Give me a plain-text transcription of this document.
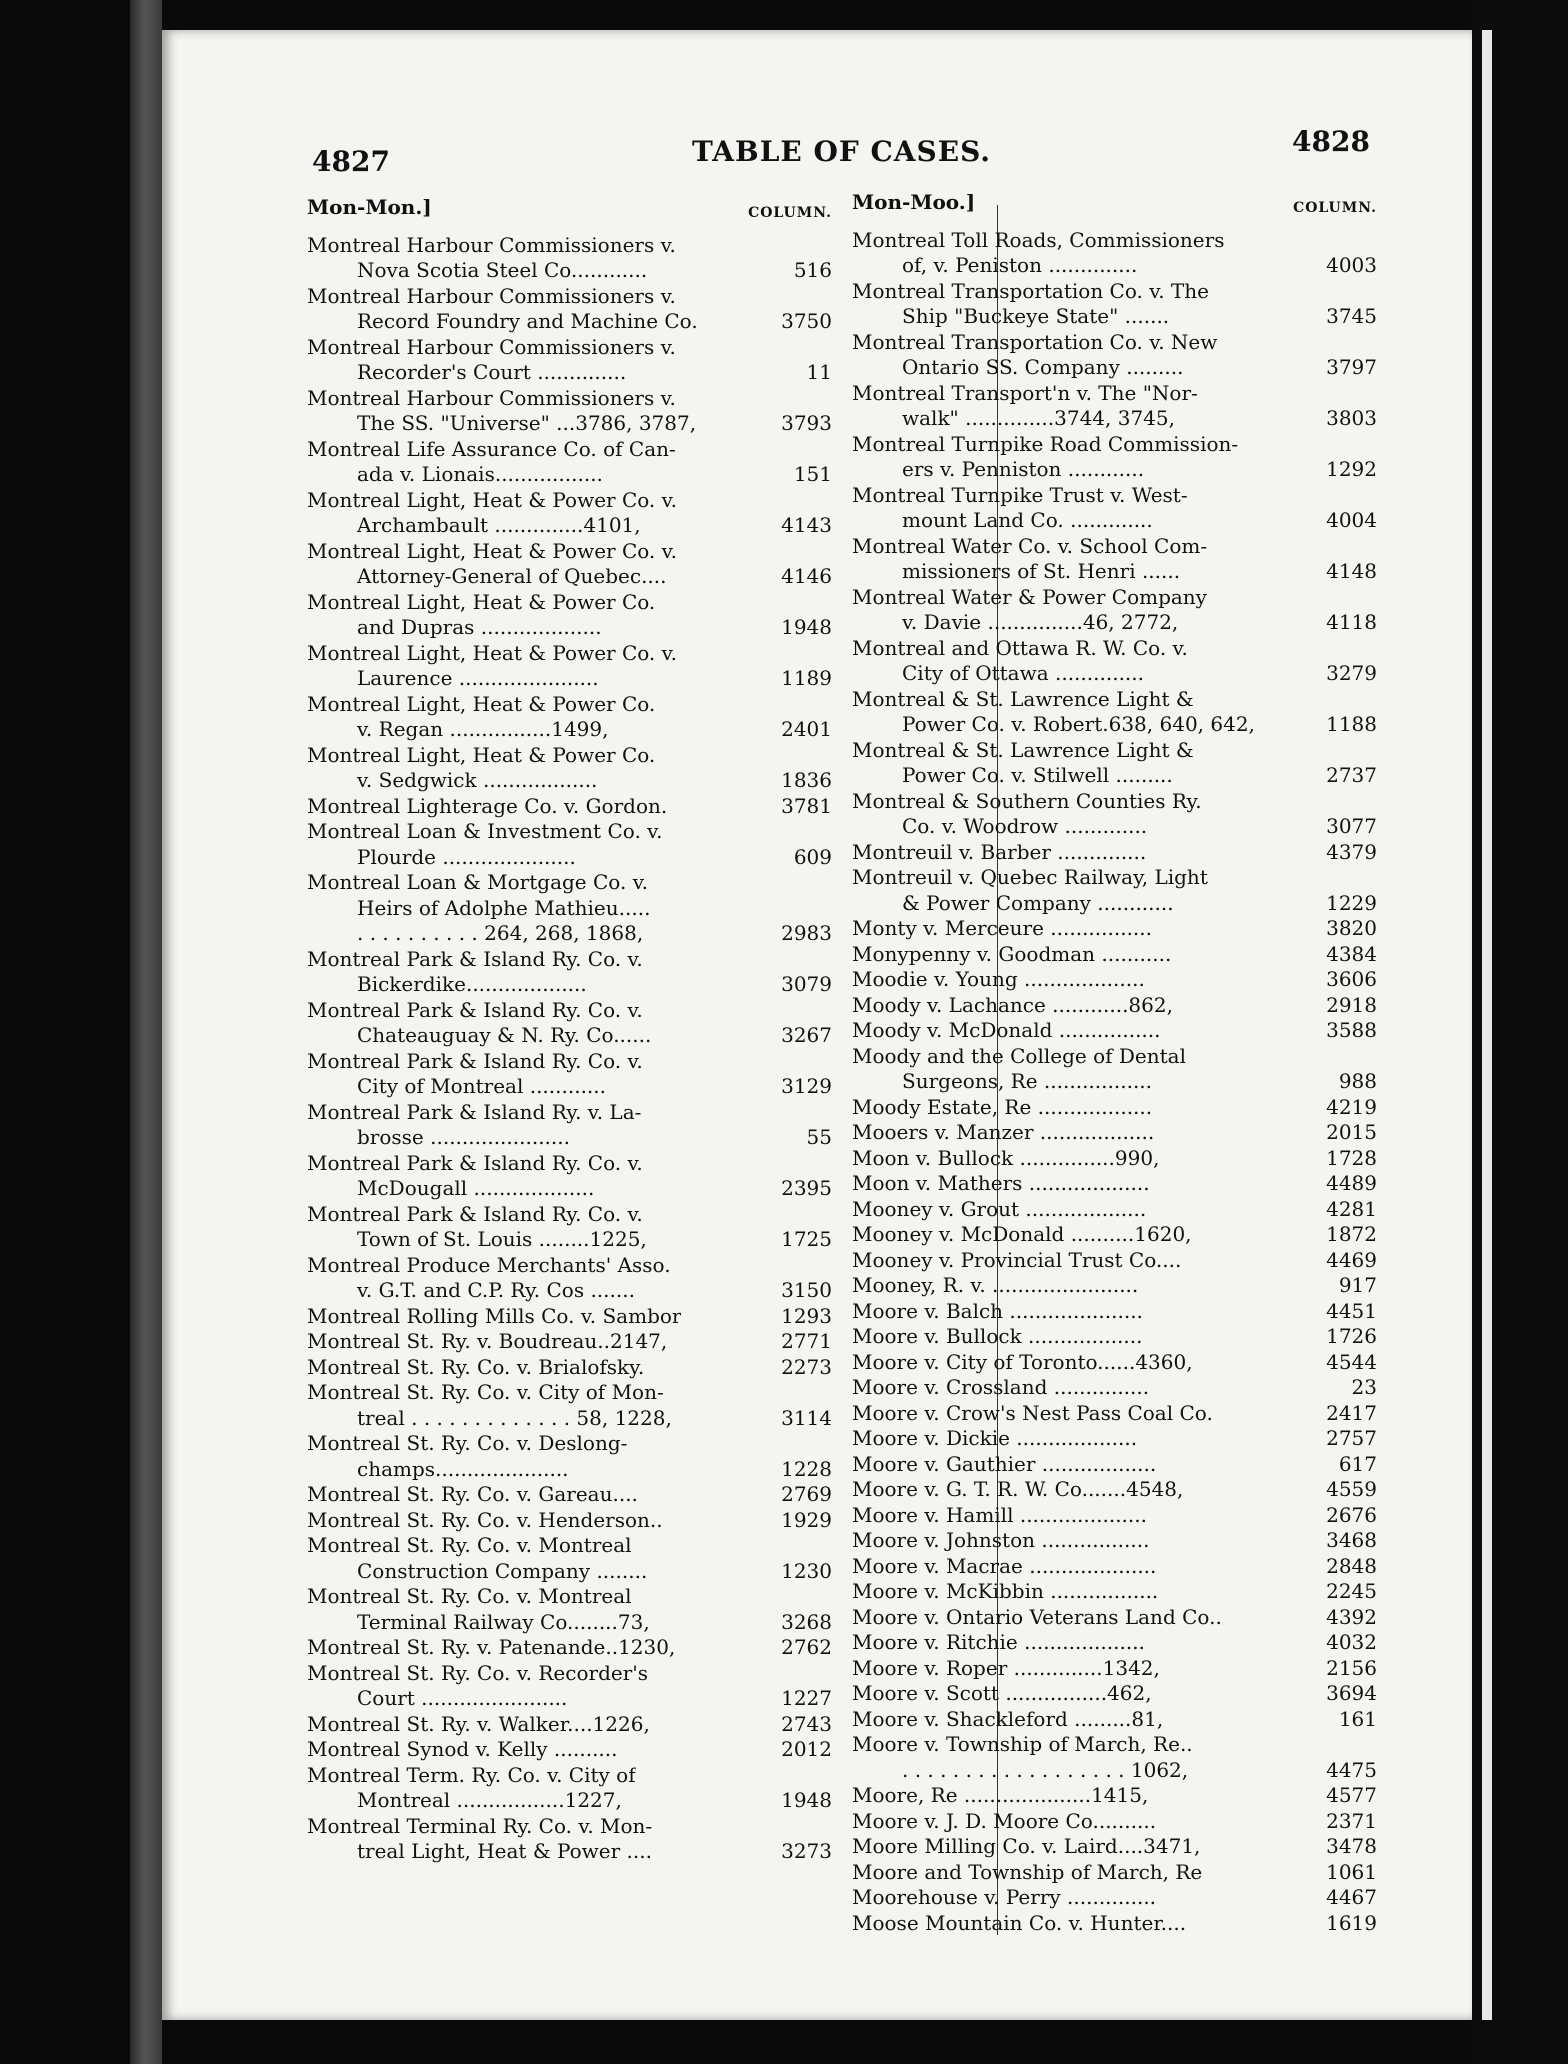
4827	TABLE OF CASES.	4828
Mon-Mon.]	COLUMN.
Montreal Harbour Commissioners v.
Nova Scotia Steel Co............	516
Montreal Harbour Commissioners v.
Record Foundry and Machine Co.	3750
Montreal Harbour Commissioners v.
Recorder's Court ..............	11
Montreal Harbour Commissioners v.
The SS. "Universe" ...3786, 3787,	3793
Montreal Life Assurance Co. of Can-
ada v. Lionais.................	151
Montreal Light, Heat & Power Co. v.
Archambault ..............4101,	4143
Montreal Light, Heat & Power Co. v.
Attorney-General of Quebec....	4146
Montreal Light, Heat & Power Co.
and Dupras ...................	1948
Montreal Light, Heat & Power Co. v.
Laurence ......................	1189
Montreal Light, Heat & Power Co.
v. Regan ................1499,	2401
Montreal Light, Heat & Power Co.
v. Sedgwick ..................	1836
Montreal Lighterage Co. v. Gordon.	3781
Montreal Loan & Investment Co. v.
Plourde .....................	609
Montreal Loan & Mortgage Co. v.
Heirs of Adolphe Mathieu.....
. . . . . . . . . . 264, 268, 1868,	2983
Montreal Park & Island Ry. Co. v.
Bickerdike...................	3079
Montreal Park & Island Ry. Co. v.
Chateauguay & N. Ry. Co......	3267
Montreal Park & Island Ry. Co. v.
City of Montreal ............	3129
Montreal Park & Island Ry. v. La-
brosse ......................	55
Montreal Park & Island Ry. Co. v.
McDougall ...................	2395
Montreal Park & Island Ry. Co. v.
Town of St. Louis ........1225,	1725
Montreal Produce Merchants' Asso.
v. G.T. and C.P. Ry. Cos .......	3150
Montreal Rolling Mills Co. v. Sambor	1293
Montreal St. Ry. v. Boudreau..2147,	2771
Montreal St. Ry. Co. v. Brialofsky.	2273
Montreal St. Ry. Co. v. City of Mon-
treal . . . . . . . . . . . . . 58, 1228,	3114
Montreal St. Ry. Co. v. Deslong-
champs.....................	1228
Montreal St. Ry. Co. v. Gareau....	2769
Montreal St. Ry. Co. v. Henderson..	1929
Montreal St. Ry. Co. v. Montreal
Construction Company ........	1230
Montreal St. Ry. Co. v. Montreal
Terminal Railway Co........73,	3268
Montreal St. Ry. v. Patenande..1230,	2762
Montreal St. Ry. Co. v. Recorder's
Court .......................	1227
Montreal St. Ry. v. Walker....1226,	2743
Montreal Synod v. Kelly ..........	2012
Montreal Term. Ry. Co. v. City of
Montreal .................1227,	1948
Montreal Terminal Ry. Co. v. Mon-
treal Light, Heat & Power ....	3273
Mon-Moo.]	COLUMN.
Montreal Toll Roads, Commissioners
of, v. Peniston ..............	4003
Montreal Transportation Co. v. The
Ship "Buckeye State" .......	3745
Montreal Transportation Co. v. New
Ontario SS. Company .........	3797
Montreal Transport'n v. The "Nor-
walk" ..............3744, 3745,	3803
Montreal Turnpike Road Commission-
ers v. Penniston ............	1292
Montreal Turnpike Trust v. West-
mount Land Co. .............	4004
Montreal Water Co. v. School Com-
missioners of St. Henri ......	4148
Montreal Water & Power Company
v. Davie ...............46, 2772,	4118
Montreal and Ottawa R. W. Co. v.
City of Ottawa ..............	3279
Montreal & St. Lawrence Light &
Power Co. v. Robert.638, 640, 642,	1188
Montreal & St. Lawrence Light &
Power Co. v. Stilwell .........	2737
Montreal & Southern Counties Ry.
Co. v. Woodrow .............	3077
Montreuil v. Barber ..............	4379
Montreuil v. Quebec Railway, Light
& Power Company ............	1229
Monty v. Merceure ................	3820
Monypenny v. Goodman ...........	4384
Moodie v. Young ...................	3606
Moody v. Lachance ............862,	2918
Moody v. McDonald ................	3588
Moody and the College of Dental
Surgeons, Re .................	988
Moody Estate, Re ..................	4219
Mooers v. Manzer ..................	2015
Moon v. Bullock ...............990,	1728
Moon v. Mathers ...................	4489
Mooney v. Grout ...................	4281
Mooney v. McDonald ..........1620,	1872
Mooney v. Provincial Trust Co....	4469
Mooney, R. v. .......................	917
Moore v. Balch .....................	4451
Moore v. Bullock ..................	1726
Moore v. City of Toronto......4360,	4544
Moore v. Crossland ...............	23
Moore v. Crow's Nest Pass Coal Co.	2417
Moore v. Dickie ...................	2757
Moore v. Gauthier ..................	617
Moore v. G. T. R. W. Co.......4548,	4559
Moore v. Hamill ....................	2676
Moore v. Johnston .................	3468
Moore v. Macrae ....................	2848
Moore v. McKibbin .................	2245
Moore v. Ontario Veterans Land Co..	4392
Moore v. Ritchie ...................	4032
Moore v. Roper ..............1342,	2156
Moore v. Scott ................462,	3694
Moore v. Shackleford .........81,	161
Moore v. Township of March, Re..
. . . . . . . . . . . . . . . . . . 1062,	4475
Moore, Re ....................1415,	4577
Moore v. J. D. Moore Co..........	2371
Moore Milling Co. v. Laird....3471,	3478
Moore and Township of March, Re	1061
Moorehouse v. Perry ..............	4467
Moose Mountain Co. v. Hunter....	1619
